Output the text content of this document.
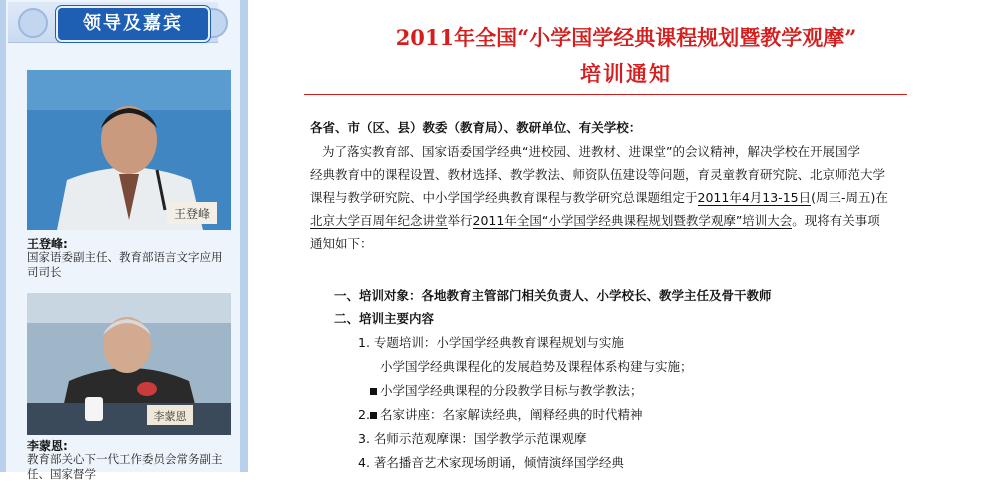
领导及嘉宾
王登峰
王登峰:
国家语委副主任、教育部语言文字应用司司长
李蒙恩
李蒙恩:
教育部关心下一代工作委员会常务副主任、国家督学
2011年全国“小学国学经典课程规划暨教学观摩”
培训通知
各省、市（区、县）教委（教育局）、教研单位、有关学校：
为了落实教育部、国家语委国学经典“进校园、进教材、进课堂”的会议精神，解决学校在开展国学
经典教育中的课程设置、教材选择、教学教法、师资队伍建设等问题，育灵童教育研究院、北京师范大学
课程与教学研究院、中小学国学经典教育课程与教学研究总课题组定于2011年4月13-15日(周三-周五)在
北京大学百周年纪念讲堂举行2011年全国“小学国学经典课程规划暨教学观摩”培训大会。现将有关事项
通知如下：
一、培训对象：各地教育主管部门相关负责人、小学校长、教学主任及骨干教师
二、培训主要内容
1. 专题培训：小学国学经典教育课程规划与实施
小学国学经典课程化的发展趋势及课程体系构建与实施；
小学国学经典课程的分段教学目标与教学教法；
2. 名家讲座：名家解读经典，阐释经典的时代精神
3. 名师示范观摩课：国学教学示范课观摩
4. 著名播音艺术家现场朗诵，倾情演绎国学经典
